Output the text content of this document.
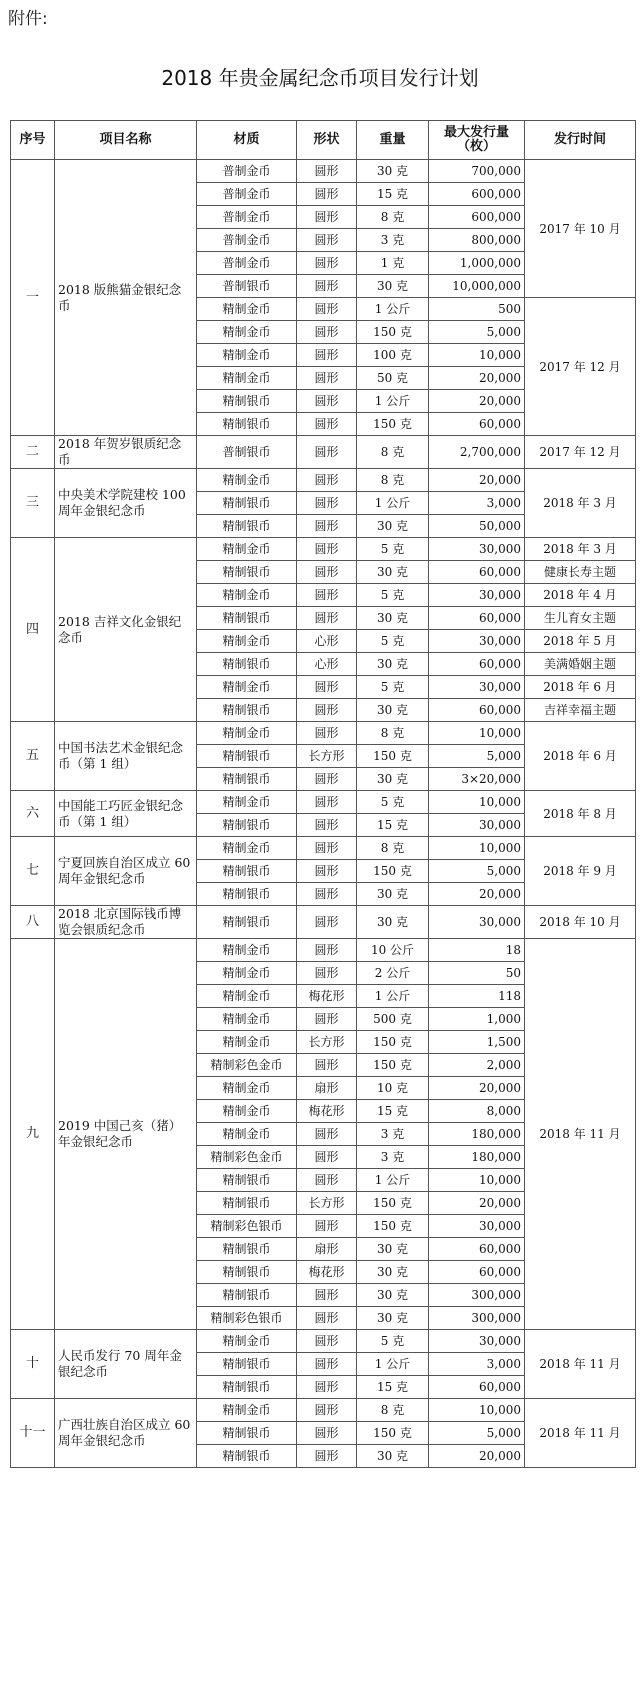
附件:
2018 年贵金属纪念币项目发行计划
序号	项目名称	材质	形状	重量	最大发行量（枚）	发行时间
一	2018 版熊猫金银纪念币	普制金币	圆形	30 克	700,000	2017 年 10 月
		普制金币	圆形	15 克	600,000	
		普制金币	圆形	8 克	600,000	
		普制金币	圆形	3 克	800,000	
		普制金币	圆形	1 克	1,000,000	
		普制银币	圆形	30 克	10,000,000	
		精制金币	圆形	1 公斤	500	2017 年 12 月
		精制金币	圆形	150 克	5,000	
		精制金币	圆形	100 克	10,000	
		精制金币	圆形	50 克	20,000	
		精制银币	圆形	1 公斤	20,000	
		精制银币	圆形	150 克	60,000	
二	2018 年贺岁银质纪念币	普制银币	圆形	8 克	2,700,000	2017 年 12 月
三	中央美术学院建校 100 周年金银纪念币	精制金币	圆形	8 克	20,000	2018 年 3 月
		精制银币	圆形	1 公斤	3,000	
		精制银币	圆形	30 克	50,000	
四	2018 吉祥文化金银纪念币	精制金币	圆形	5 克	30,000	2018 年 3 月
		精制银币	圆形	30 克	60,000	健康长寿主题
		精制金币	圆形	5 克	30,000	2018 年 4 月
		精制银币	圆形	30 克	60,000	生儿育女主题
		精制金币	心形	5 克	30,000	2018 年 5 月
		精制银币	心形	30 克	60,000	美满婚姻主题
		精制金币	圆形	5 克	30,000	2018 年 6 月
		精制银币	圆形	30 克	60,000	吉祥幸福主题
五	中国书法艺术金银纪念币（第 1 组）	精制金币	圆形	8 克	10,000	2018 年 6 月
		精制银币	长方形	150 克	5,000	
		精制银币	圆形	30 克	3×20,000	
六	中国能工巧匠金银纪念币（第 1 组）	精制金币	圆形	5 克	10,000	2018 年 8 月
		精制银币	圆形	15 克	30,000	
七	宁夏回族自治区成立 60 周年金银纪念币	精制金币	圆形	8 克	10,000	2018 年 9 月
		精制银币	圆形	150 克	5,000	
		精制银币	圆形	30 克	20,000	
八	2018 北京国际钱币博览会银质纪念币	精制银币	圆形	30 克	30,000	2018 年 10 月
九	2019 中国己亥（猪）年金银纪念币	精制金币	圆形	10 公斤	18	2018 年 11 月
		精制金币	圆形	2 公斤	50	
		精制金币	梅花形	1 公斤	118	
		精制金币	圆形	500 克	1,000	
		精制金币	长方形	150 克	1,500	
		精制彩色金币	圆形	150 克	2,000	
		精制金币	扇形	10 克	20,000	
		精制金币	梅花形	15 克	8,000	
		精制金币	圆形	3 克	180,000	
		精制彩色金币	圆形	3 克	180,000	
		精制银币	圆形	1 公斤	10,000	
		精制银币	长方形	150 克	20,000	
		精制彩色银币	圆形	150 克	30,000	
		精制银币	扇形	30 克	60,000	
		精制银币	梅花形	30 克	60,000	
		精制银币	圆形	30 克	300,000	
		精制彩色银币	圆形	30 克	300,000	
十	人民币发行 70 周年金银纪念币	精制金币	圆形	5 克	30,000	2018 年 11 月
		精制银币	圆形	1 公斤	3,000	
		精制银币	圆形	15 克	60,000	
十一	广西壮族自治区成立 60 周年金银纪念币	精制金币	圆形	8 克	10,000	2018 年 11 月
		精制银币	圆形	150 克	5,000	
		精制银币	圆形	30 克	20,000	
